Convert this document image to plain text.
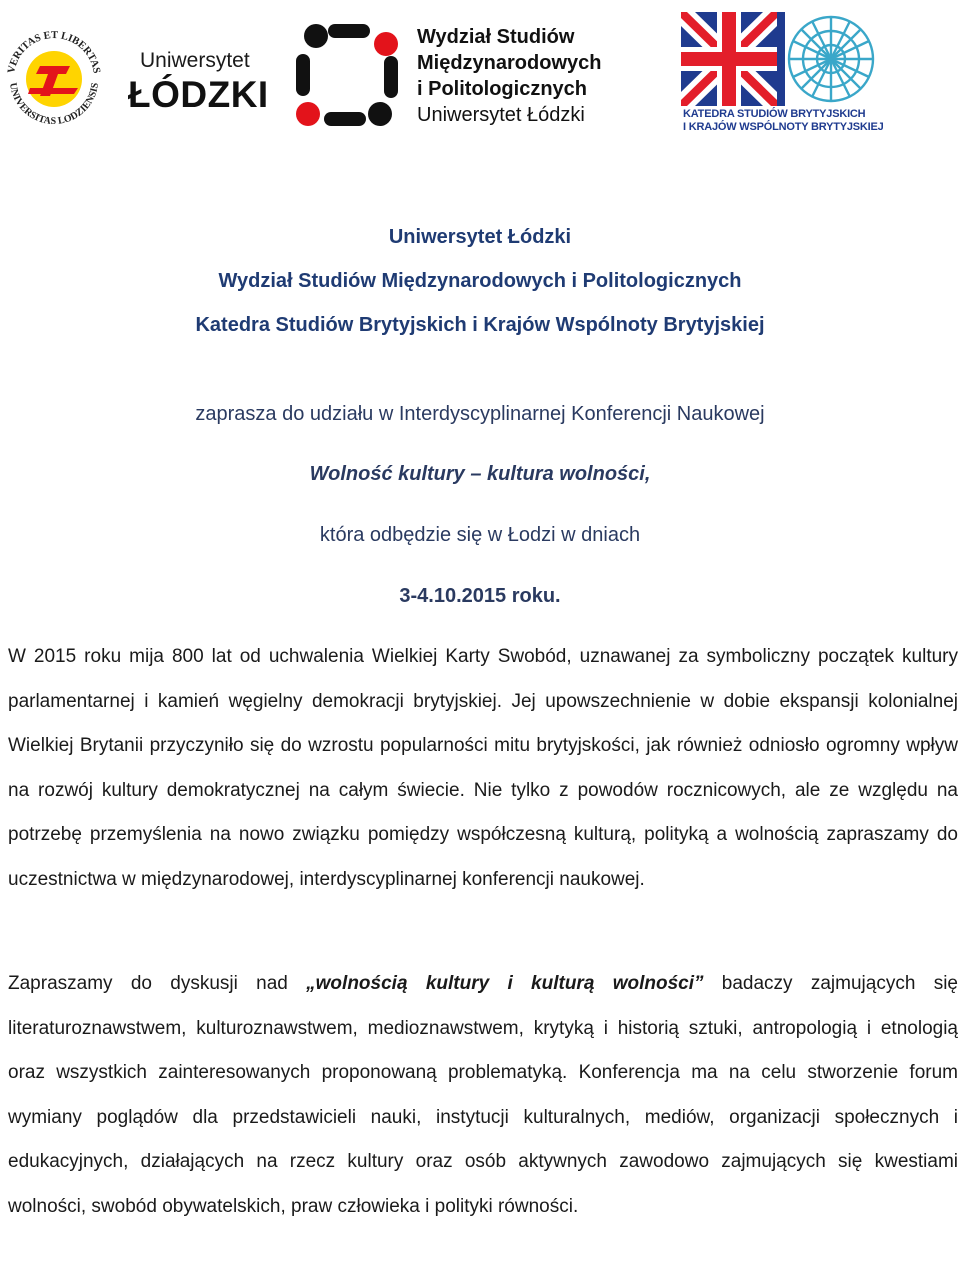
VERITAS ET LIBERTAS
UNIVERSITAS LODZIENSIS
Uniwersytet
ŁÓDZKI
Wydział Studiów
Międzynarodowych
i Politologicznych
Uniwersytet Łódzki	KATEDRA STUDIÓW BRYTYJSKICH
I KRAJÓW WSPÓLNOTY BRYTYJSKIEJ
Uniwersytet Łódzki
Wydział Studiów Międzynarodowych i Politologicznych
Katedra Studiów Brytyjskich i Krajów Wspólnoty Brytyjskiej
zaprasza do udziału w Interdyscyplinarnej Konferencji Naukowej
Wolność kultury – kultura wolności,
która odbędzie się w Łodzi w dniach
3-4.10.2015 roku.
W 2015 roku mija 800 lat od uchwalenia Wielkiej Karty Swobód, uznawanej za symboliczny początek kultury parlamentarnej i kamień węgielny demokracji brytyjskiej. Jej upowszechnienie w dobie ekspansji kolonialnej Wielkiej Brytanii przyczyniło się do wzrostu popularności mitu brytyjskości, jak również odniosło ogromny wpływ na rozwój kultury demokratycznej na całym świecie. Nie tylko z powodów rocznicowych, ale ze względu na potrzebę przemyślenia na nowo związku pomiędzy współczesną kulturą, polityką a wolnością zapraszamy do uczestnictwa w międzynarodowej, interdyscyplinarnej konferencji naukowej.
Zapraszamy do dyskusji nad „wolnością kultury i kulturą wolności” badaczy zajmujących się literaturoznawstwem, kulturoznawstwem, medioznawstwem, krytyką i historią sztuki, antropologią i etnologią oraz wszystkich zainteresowanych proponowaną problematyką. Konferencja ma na celu stworzenie forum wymiany poglądów dla przedstawicieli nauki, instytucji kulturalnych, mediów, organizacji społecznych i edukacyjnych, działających na rzecz kultury oraz osób aktywnych zawodowo zajmujących się kwestiami wolności, swobód obywatelskich, praw człowieka i polityki równości.
